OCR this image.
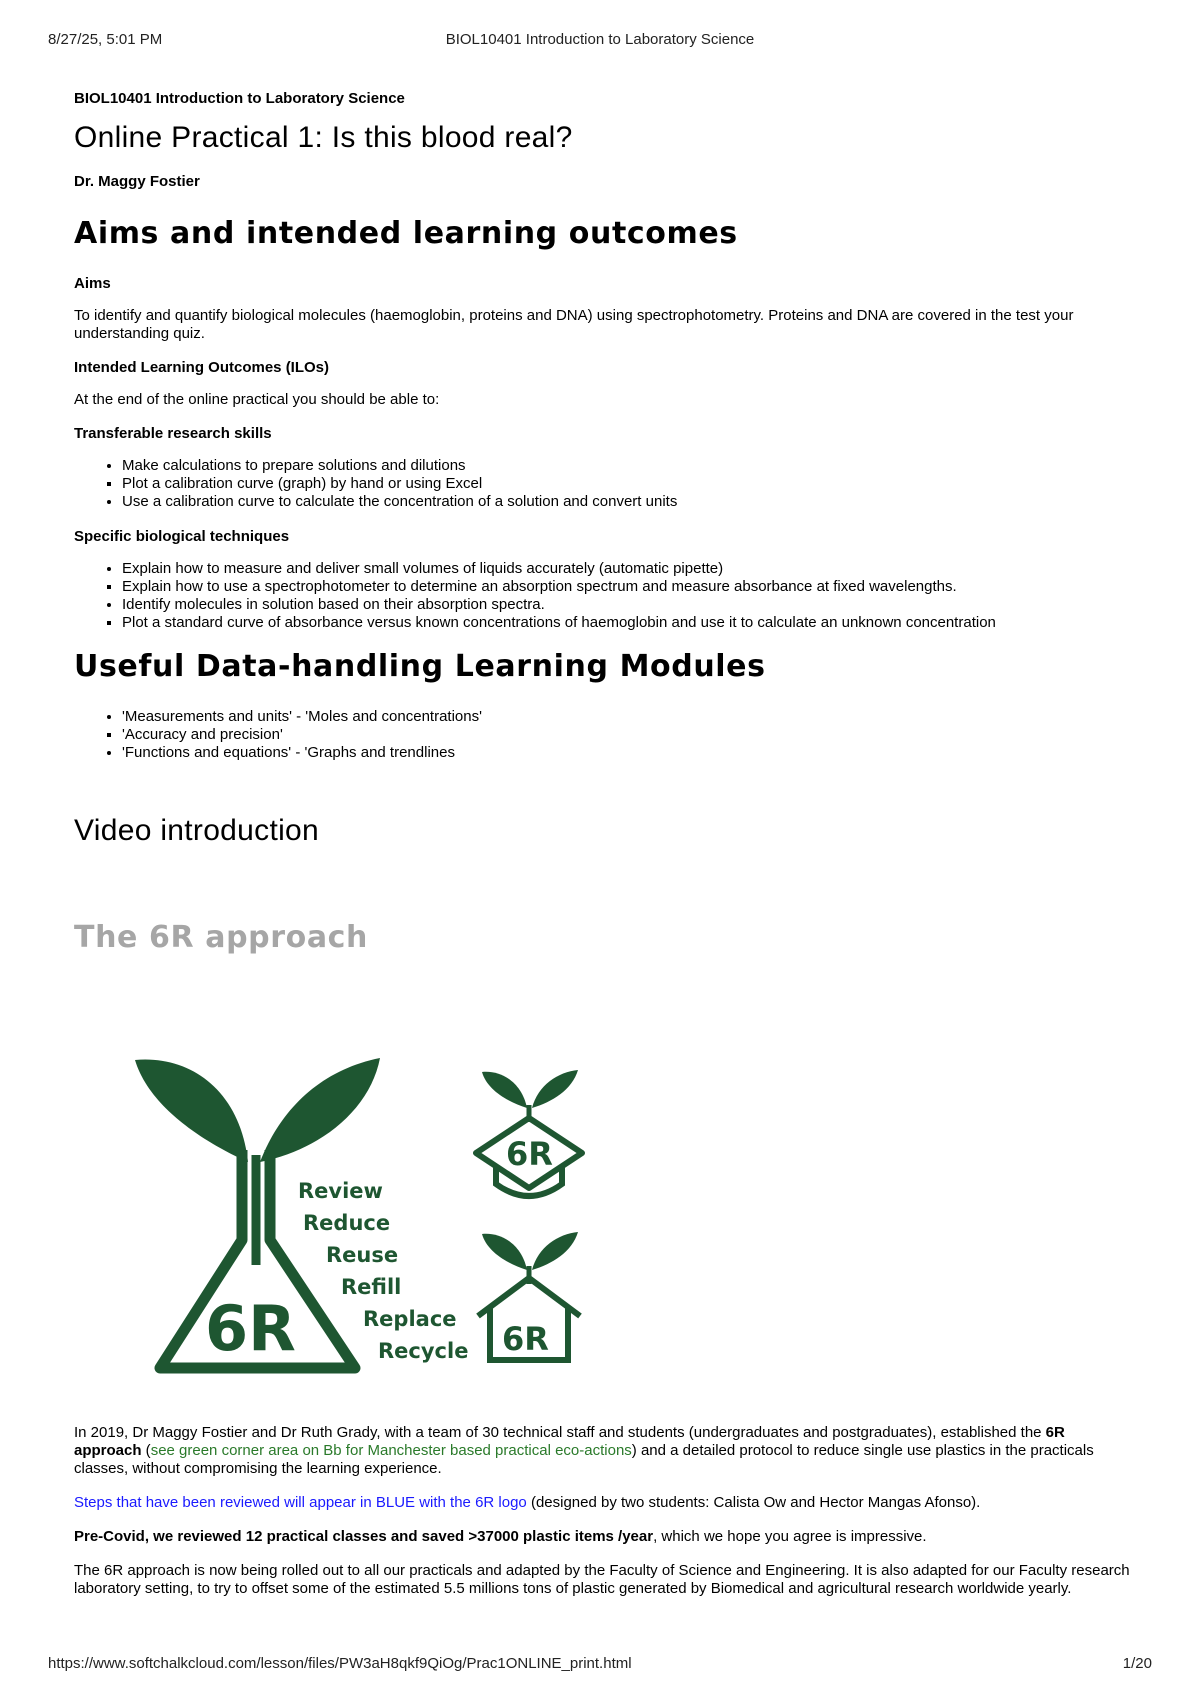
8/27/25, 5:01 PM	BIOL10401 Introduction to Laboratory Science
BIOL10401 Introduction to Laboratory Science
Online Practical 1: Is this blood real?
Dr. Maggy Fostier
Aims and intended learning outcomes
Aims

To identify and quantify biological molecules (haemoglobin, proteins and DNA) using spectrophotometry. Proteins and DNA are covered in the test your understanding quiz.

Intended Learning Outcomes (ILOs)

At the end of the online practical you should be able to:

Transferable research skills
• Make calculations to prepare solutions and dilutions
▪ Plot a calibration curve (graph) by hand or using Excel
• Use a calibration curve to calculate the concentration of a solution and convert units
Specific biological techniques
• Explain how to measure and deliver small volumes of liquids accurately (automatic pipette)
▪ Explain how to use a spectrophotometer to determine an absorption spectrum and measure absorbance at fixed wavelengths.
• Identify molecules in solution based on their absorption spectra.
▪ Plot a standard curve of absorbance versus known concentrations of haemoglobin and use it to calculate an unknown concentration
Useful Data-handling Learning Modules
• 'Measurements and units' - 'Moles and concentrations'
▪ 'Accuracy and precision'
• 'Functions and equations' - 'Graphs and trendlines
Video introduction
The 6R approach
6R
Review
Reduce
Reuse
Refill
Replace
Recycle
6R
6R

In 2019, Dr Maggy Fostier and Dr Ruth Grady, with a team of 30 technical staff and students (undergraduates and postgraduates), established the 6R approach (see green corner area on Bb for Manchester based practical eco-actions) and a detailed protocol to reduce single use plastics in the practicals classes, without compromising the learning experience.

Steps that have been reviewed will appear in BLUE with the 6R logo (designed by two students: Calista Ow and Hector Mangas Afonso).

Pre-Covid, we reviewed 12 practical classes and saved >37000 plastic items /year, which we hope you agree is impressive.

The 6R approach is now being rolled out to all our practicals and adapted by the Faculty of Science and Engineering. It is also adapted for our Faculty research laboratory setting, to try to offset some of the estimated 5.5 millions tons of plastic generated by Biomedical and agricultural research worldwide yearly.

https://www.softchalkcloud.com/lesson/files/PW3aH8qkf9QiOg/Prac1ONLINE_print.html	1/20
